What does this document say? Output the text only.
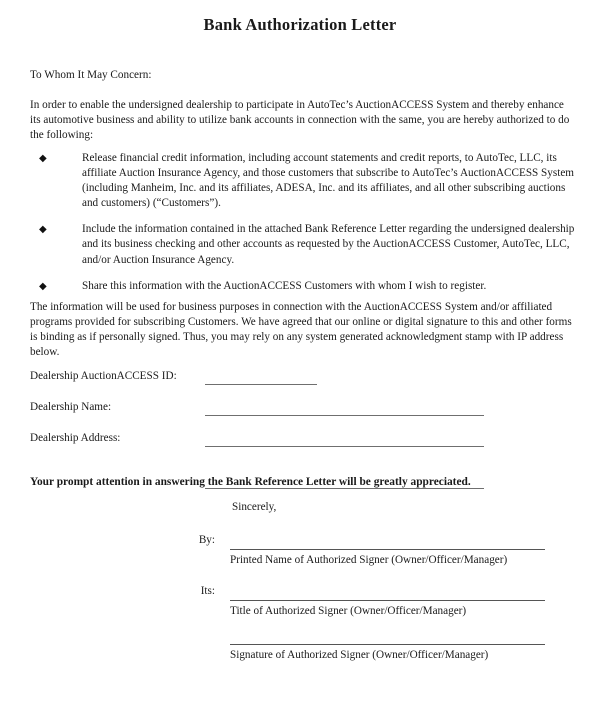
Bank Authorization Letter
To Whom It May Concern:
In order to enable the undersigned dealership to participate in AutoTec’s AuctionACCESS System and thereby enhance its automotive business and ability to utilize bank accounts in connection with the same, you are hereby authorized to do the following:
◆	Release financial credit information, including account statements and credit reports, to AutoTec, LLC, its affiliate Auction Insurance Agency, and those customers that subscribe to AutoTec’s AuctionACCESS System (including Manheim, Inc. and its affiliates, ADESA, Inc. and its affiliates, and all other subscribing auctions and customers) (“Customers”).
◆	Include the information contained in the attached Bank Reference Letter regarding the undersigned dealership and its business checking and other accounts as requested by the AuctionACCESS Customer, AutoTec, LLC, and/or Auction Insurance Agency.
◆	Share this information with the AuctionACCESS Customers with whom I wish to register.
The information will be used for business purposes in connection with the AuctionACCESS System and/or affiliated programs provided for subscribing Customers. We have agreed that our online or digital signature to this and other forms is binding as if personally signed. Thus, you may rely on any system generated acknowledgment stamp with IP address below.
Dealership AuctionACCESS ID:
Dealership Name:
Dealership Address:
Your prompt attention in answering the Bank Reference Letter will be greatly appreciated.
Sincerely,
By:
Printed Name of Authorized Signer (Owner/Officer/Manager)
Its:
Title of Authorized Signer (Owner/Officer/Manager)
Signature of Authorized Signer (Owner/Officer/Manager)
